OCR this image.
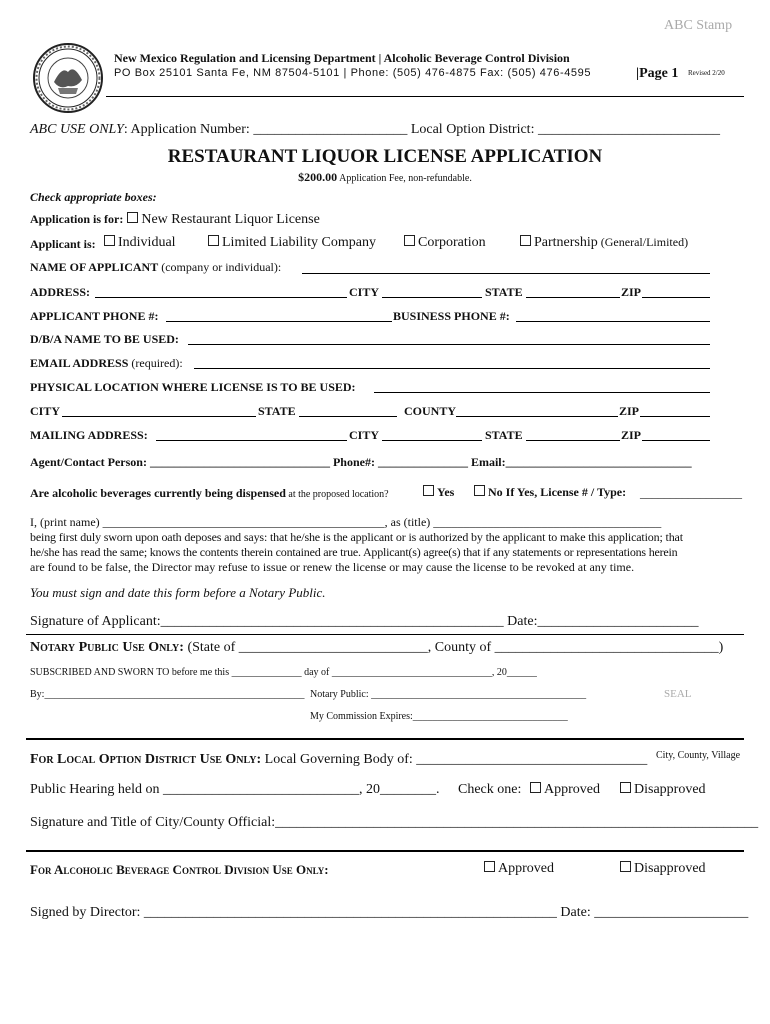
ABC Stamp
New Mexico Regulation and Licensing Department | Alcoholic Beverage Control Division
PO Box 25101 Santa Fe, NM 87504-5101 | Phone: (505) 476-4875 Fax: (505) 476-4595	|Page 1 Revised 2/20
ABC USE ONLY: Application Number: ______________________ Local Option District: __________________________
RESTAURANT LIQUOR LICENSE APPLICATION
$200.00 Application Fee, non-refundable.
Check appropriate boxes:
Application is for: New Restaurant Liquor License
Applicant is:	Individual	Limited Liability Company	Corporation	Partnership (General/Limited)
NAME OF APPLICANT (company or individual):
ADDRESS:	CITY	STATE	ZIP
APPLICANT PHONE #:	BUSINESS PHONE #:
D/B/A NAME TO BE USED:
EMAIL ADDRESS (required):
PHYSICAL LOCATION WHERE LICENSE IS TO BE USED:
CITY	STATE	COUNTY	ZIP
MAILING ADDRESS:	CITY	STATE	ZIP
Agent/Contact Person: ______________________________ Phone#: _______________ Email:_______________________________
Are alcoholic beverages currently being dispensed at the proposed location?	Yes	No If Yes, License # / Type: _________________
I, (print name) _______________________________________________, as (title) ______________________________________
being first duly sworn upon oath deposes and says: that he/she is the applicant or is authorized by the applicant to make this application; that
he/she has read the same; knows the contents therein contained are true. Applicant(s) agree(s) that if any statements or representations herein
are found to be false, the Director may refuse to issue or renew the license or may cause the license to be revoked at any time.
You must sign and date this form before a Notary Public.
Signature of Applicant:_________________________________________________ Date:_______________________
Notary Public Use Only: (State of ___________________________, County of ________________________________)
SUBSCRIBED AND SWORN TO before me this ______________ day of ________________________________, 20______
By:____________________________________________________ Notary Public: ___________________________________________	SEAL
My Commission Expires:_______________________________
For Local Option District Use Only: Local Governing Body of: _________________________________ City, County, Village
Public Hearing held on ____________________________, 20________. Check one:	Approved	Disapproved
Signature and Title of City/County Official:_____________________________________________________________________
For Alcoholic Beverage Control Division Use Only:	Approved	Disapproved
Signed by Director: ___________________________________________________________ Date: ______________________
